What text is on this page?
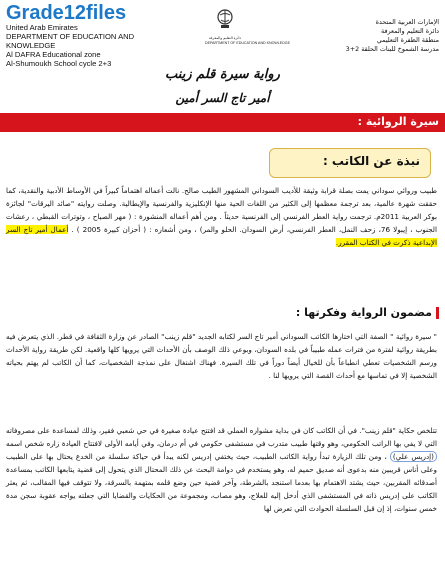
Grade12files
United Arab Emirates
DEPARTMENT OF EDUCATION AND
KNOWLEDGE
Al DAFRA Educational zone
Al-Shumoukh School cycle 2+3
دائرة التعليم والمعرفة
DEPARTMENT OF EDUCATION AND KNOWLEDGE
الإمارات العربية المتحدة
دائرة التعليم والمعرفة
منطقة الظفرة التعليمي
مدرسة الشموخ للبنات الحلقة 2+3
رواية سيرة قلم زينب
أمير تاج السر أمين
سيرة الروائية :
نبذة عن الكاتب :

طبيب وروائي سوداني يمت بصلة قرابة وثيقة للأديب السوداني المشهور الطيب صالح. نالت أعماله اهتماماً كبيراً في الأوساط الأدبية والنقدية، كما حققت شهرة عالمية، بعد ترجمة معظمها إلى الكثير من اللغات الحية منها الإنكليزية والفرنسية والإيطالية. وصلت روايته "صائد اليرقات" لجائزة بوكر العربية 2011م. ترجمت رواية العطر الفرنسي إلى الفرنسية حديثاً . ومن أهم أعماله المنشورة : ( مهر الصياح ، وتوترات القبطي ، رعشات الجنوب ، إيبولا 76، زحف النمل، العطر الفرنسي، أرض السودان. الحلو والمر) ، ومن أشعاره : ( أحزان كبيرة 2005 ) . أعمال أمير تاج السر الإبداعية ذكرت في الكتاب المقرر.

مضمون الرواية وفكرتها :

" سيرة روائية " الصفة التي اختارها الكاتب السوداني أمير تاج السر لكتابه الجديد "قلم زينب" الصادر عن وزارة الثقافة في قطر. الذي يتعرض فيه بطريقة روائية لفترة من فترات عمله طبيباً في بلده السودان، وبوعي ذلك الوصف بأن الأحداث التي يرويها كلها واقعية. لكن طريقة رواية الأحداث ورسم الشخصيات تعطي انطباعاً بأن للخيال أيضاً دوراً في تلك السيرة. فهناك اشتغال على نمذجة الشخصيات، كما أن الكاتب لم يهتم بحياته الشخصية إلا في تماسها مع أحداث القصة التي يرويها لنا .

تتلخص حكاية "قلم زينب". في أن الكاتب كان في بداية مشواره العملي قد افتتح عيادة صغيرة في حي شعبي فقير، وذلك لمساعدة على مصروفاته التي لا يفي بها الراتب الحكومي، وهو وقتها طبيب متدرب في مستشفى حكومي في أم درمان، وفي أيامه الأولى لافتتاح العيادة زاره شخص اسمه (إدريس علي) ، ومن تلك الزيارة تبدأ رواية الكاتب الطبيب، حيث يختفي إدريس لكنه يبدأ في حياكة سلسلة من الخدع يحتال بها على الطبيب وعلى أناس قريبين منه بدعوى أنه صديق حميم له، وهو يستخدم في دوامة البحث عن ذلك المحتال الذي يتحول إلى قضية يتابعها الكاتب بمساعدة أصدقائه المقربين، حيث يشتد الاهتمام بها بعدما استنجد بالشرطة، وآخر قضية حين وضع قلمه بمتهمة بالسرقة، ولا تتوقف فيها المقالب، ثم يعثر الكاتب على إدريس ذاته في المستشفى الذي أدخل إليه للعلاج، وهو مصاب، ومجموعة من الحكايات والقضايا التي جعلته يواجه عقوبة سجن مدة خمس سنوات، إذ إن قبل السلسلة الحوادث التي تعرض لها
